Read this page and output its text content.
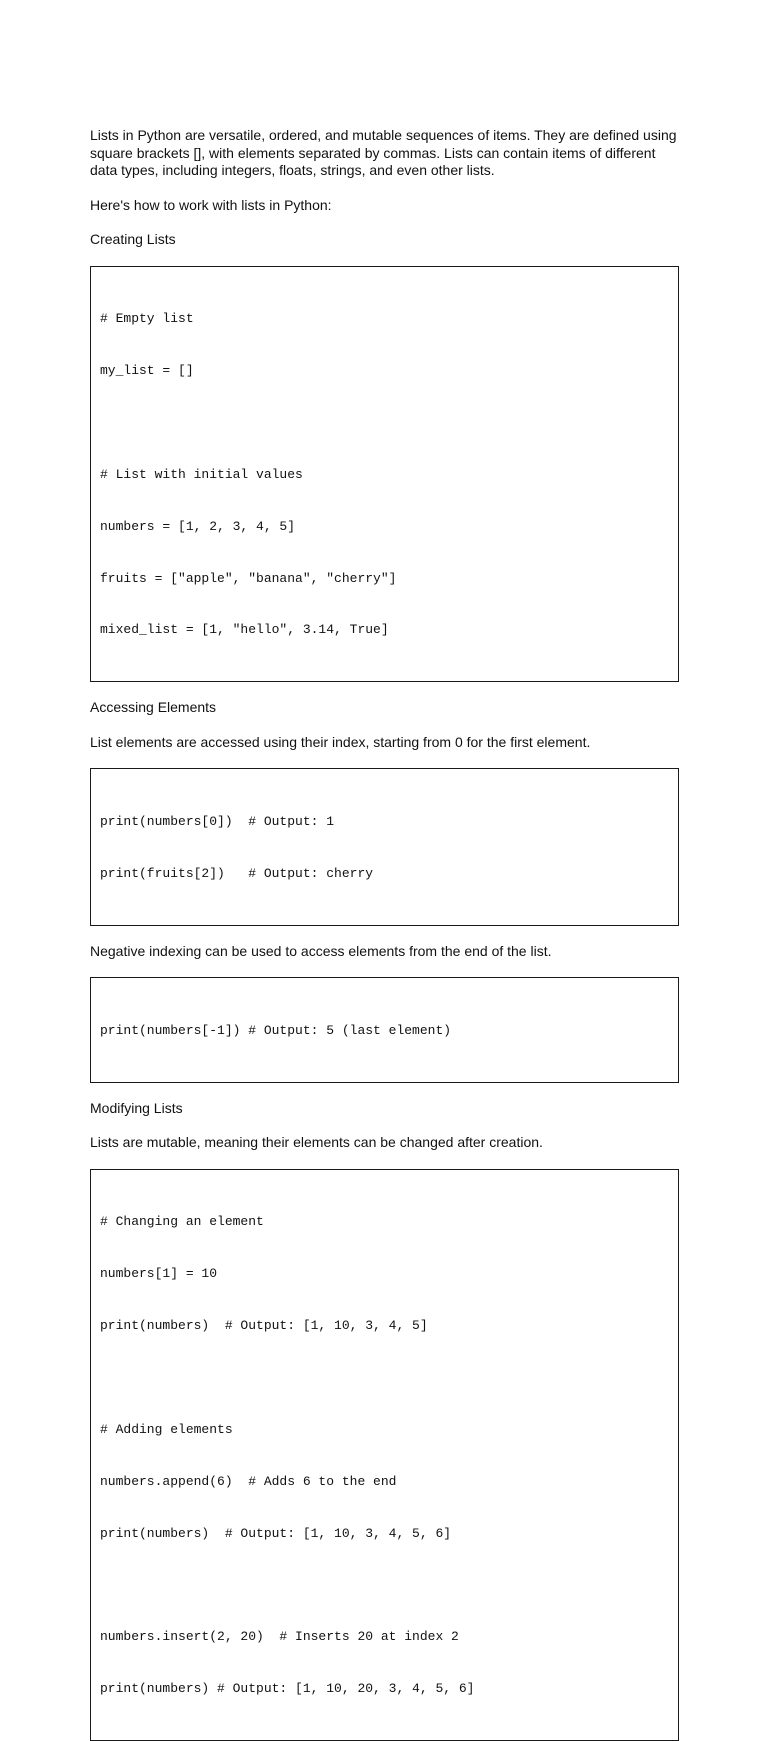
Lists in Python are versatile, ordered, and mutable sequences of items. They are defined using square brackets [], with elements separated by commas. Lists can contain items of different data types, including integers, floats, strings, and even other lists.

Here's how to work with lists in Python:

Creating Lists

# Empty list

my_list = []

# List with initial values

numbers = [1, 2, 3, 4, 5]

fruits = ["apple", "banana", "cherry"]

mixed_list = [1, "hello", 3.14, True]

Accessing Elements

List elements are accessed using their index, starting from 0 for the first element.

print(numbers[0])  # Output: 1

print(fruits[2])   # Output: cherry

Negative indexing can be used to access elements from the end of the list.

print(numbers[-1]) # Output: 5 (last element)

Modifying Lists

Lists are mutable, meaning their elements can be changed after creation.

# Changing an element

numbers[1] = 10

print(numbers)  # Output: [1, 10, 3, 4, 5]

# Adding elements

numbers.append(6)  # Adds 6 to the end

print(numbers)  # Output: [1, 10, 3, 4, 5, 6]

numbers.insert(2, 20)  # Inserts 20 at index 2

print(numbers) # Output: [1, 10, 20, 3, 4, 5, 6]
